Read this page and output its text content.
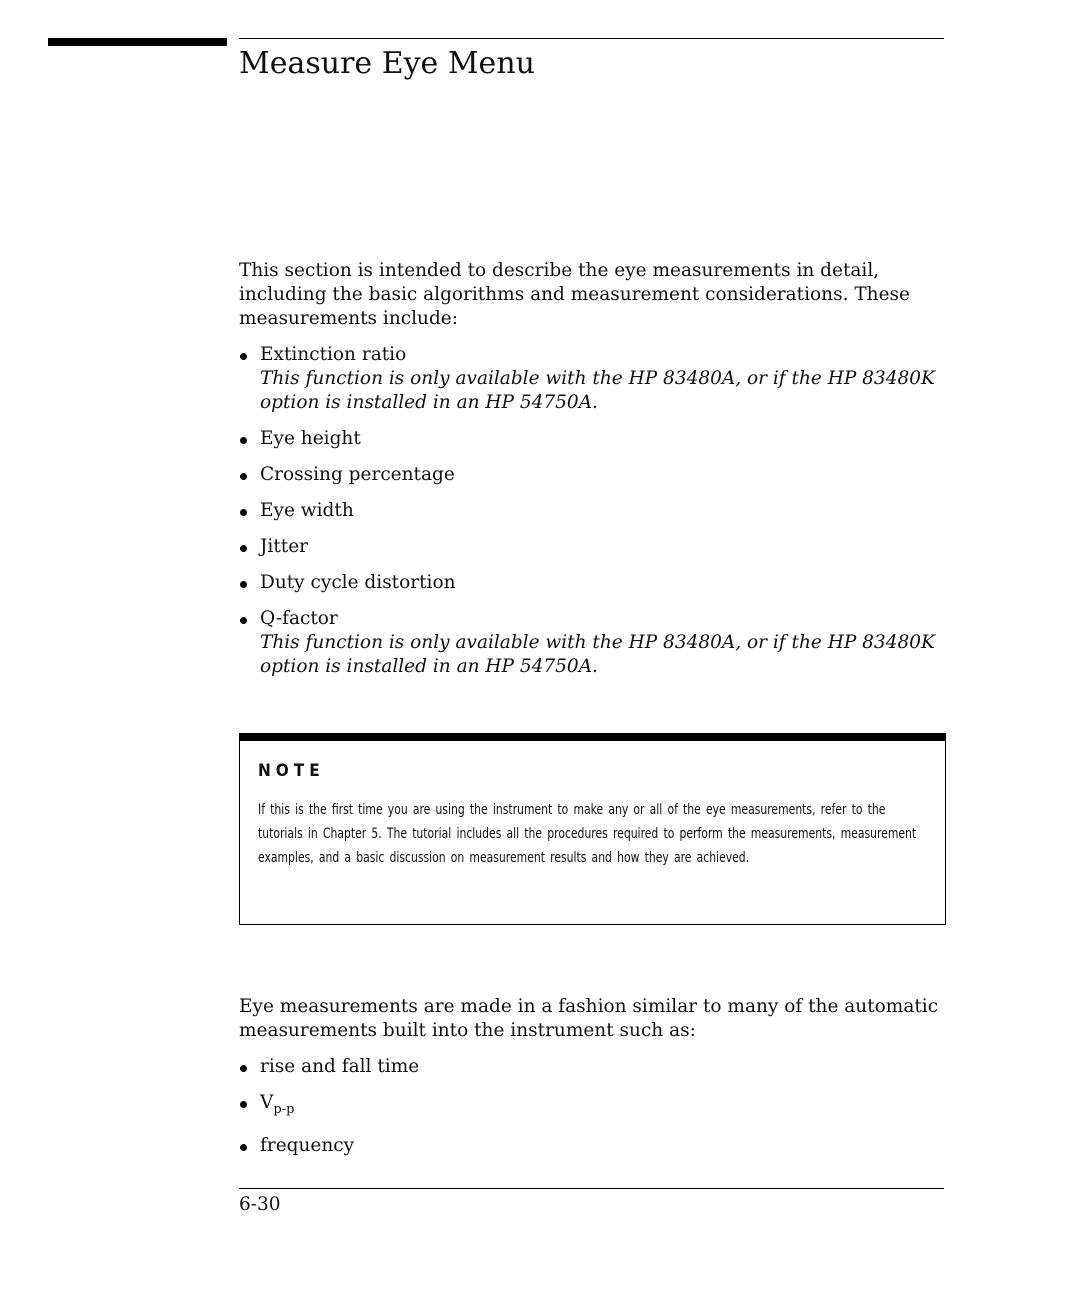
Measure Eye Menu

This section is intended to describe the eye measurements in detail, including the basic algorithms and measurement considerations. These measurements include:

Extinction ratio
This function is only available with the HP 83480A, or if the HP 83480K
option is installed in an HP 54750A.
Eye height
Crossing percentage
Eye width
Jitter
Duty cycle distortion
Q-factor
This function is only available with the HP 83480A, or if the HP 83480K
option is installed in an HP 54750A.

NOTE

If this is the first time you are using the instrument to make any or all of the eye measurements, refer to the tutorials in Chapter 5. The tutorial includes all the procedures required to perform the measurements, measurement examples, and a basic discussion on measurement results and how they are achieved.

Eye measurements are made in a fashion similar to many of the automatic measurements built into the instrument such as:

rise and fall time
$V_{p-p}$
frequency

6-30
